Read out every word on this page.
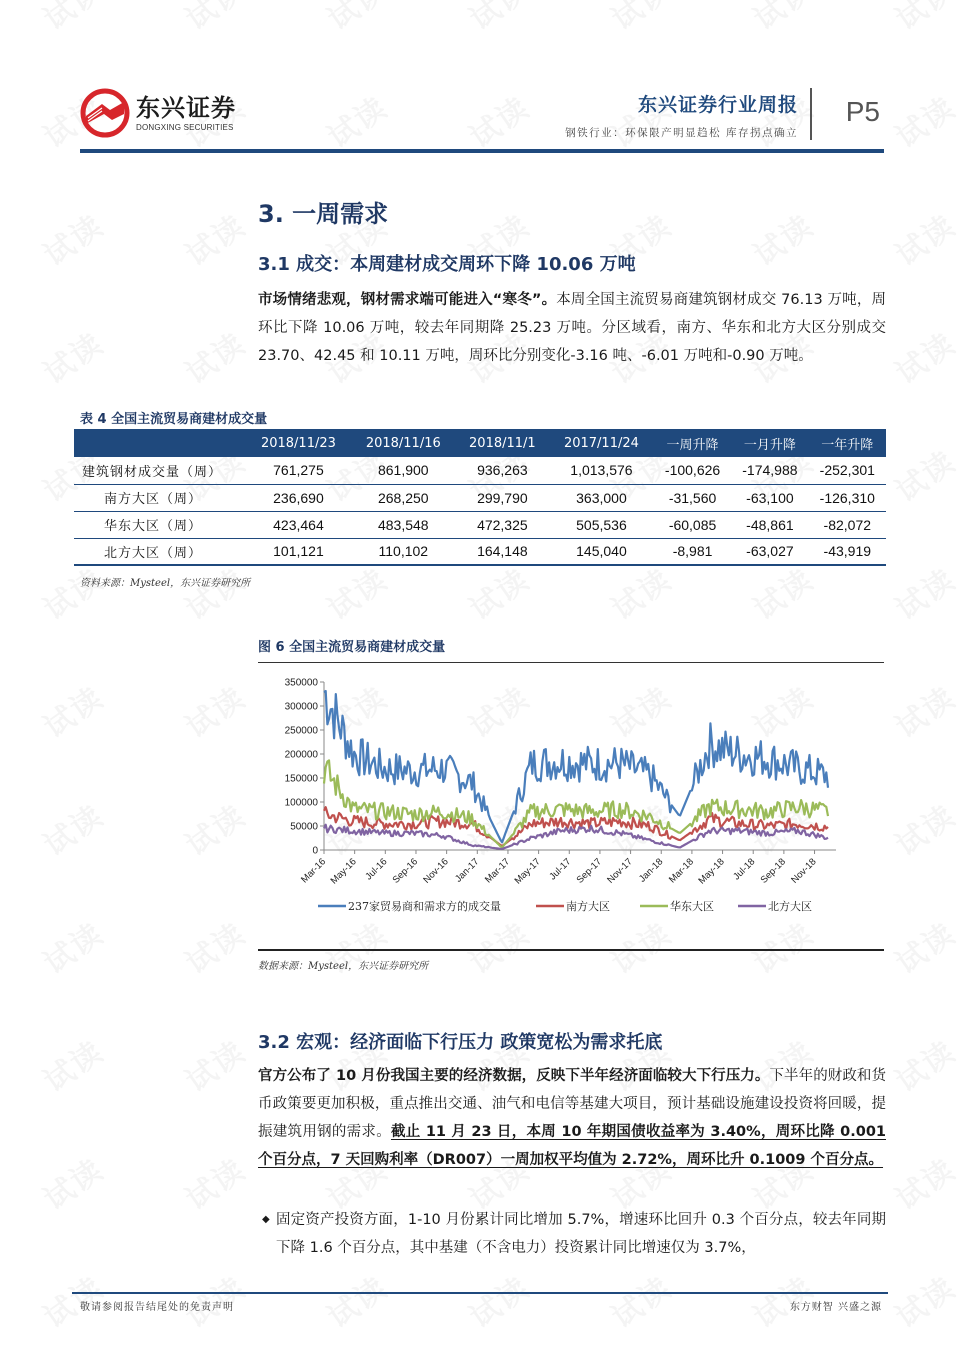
东兴证券
DONGXING SECURITIES
东兴证券行业周报
钢铁行业：环保限产明显趋松 库存拐点确立
P5
3. 一周需求
3.1 成交：本周建材成交周环下降 10.06 万吨
市场情绪悲观，钢材需求端可能进入“寒冬”。本周全国主流贸易商建筑钢材成交 76.13 万吨，周环比下降 10.06 万吨，较去年同期降 25.23 万吨。分区域看，南方、华东和北方大区分别成交 23.70、42.45 和 10.11 万吨，周环比分别变化-3.16 吨、-6.01 万吨和-0.90 万吨。
表 4 全国主流贸易商建材成交量
	2018/11/23	2018/11/16	2018/11/1	2017/11/24	一周升降	一月升降	一年升降
建筑钢材成交量（周）	761,275	861,900	936,263	1,013,576	-100,626	-174,988	-252,301
南方大区（周）	236,690	268,250	299,790	363,000	-31,560	-63,100	-126,310
华东大区（周）	423,464	483,548	472,325	505,536	-60,085	-48,861	-82,072
北方大区（周）	101,121	110,102	164,148	145,040	-8,981	-63,027	-43,919
资料来源：Mysteel，东兴证券研究所
图 6 全国主流贸易商建材成交量
0
50000
100000
150000
200000
250000
300000
350000
Mar-16 May-16 Jul-16 Sep-16 Nov-16 Jan-17 Mar-17 May-17 Jul-17 Sep-17 Nov-17 Jan-18 Mar-18 May-18 Jul-18 Sep-18 Nov-18
237家贸易商和需求方的成交量	南方大区	华东大区	北方大区
数据来源：Mysteel，东兴证券研究所
3.2 宏观：经济面临下行压力 政策宽松为需求托底
官方公布了 10 月份我国主要的经济数据，反映下半年经济面临较大下行压力。下半年的财政和货币政策要更加积极，重点推出交通、油气和电信等基建大项目，预计基础设施建设投资将回暖，提振建筑用钢的需求。截止 11 月 23 日，本周 10 年期国债收益率为 3.40%，周环比降 0.001 个百分点，7 天回购利率（DR007）一周加权平均值为 2.72%，周环比升 0.1009 个百分点。
◆ 固定资产投资方面，1-10 月份累计同比增加 5.7%，增速环比回升 0.3 个百分点，较去年同期下降 1.6 个百分点，其中基建（不含电力）投资累计同比增速仅为 3.7%，
敬请参阅报告结尾处的免责声明	东方财智 兴盛之源
